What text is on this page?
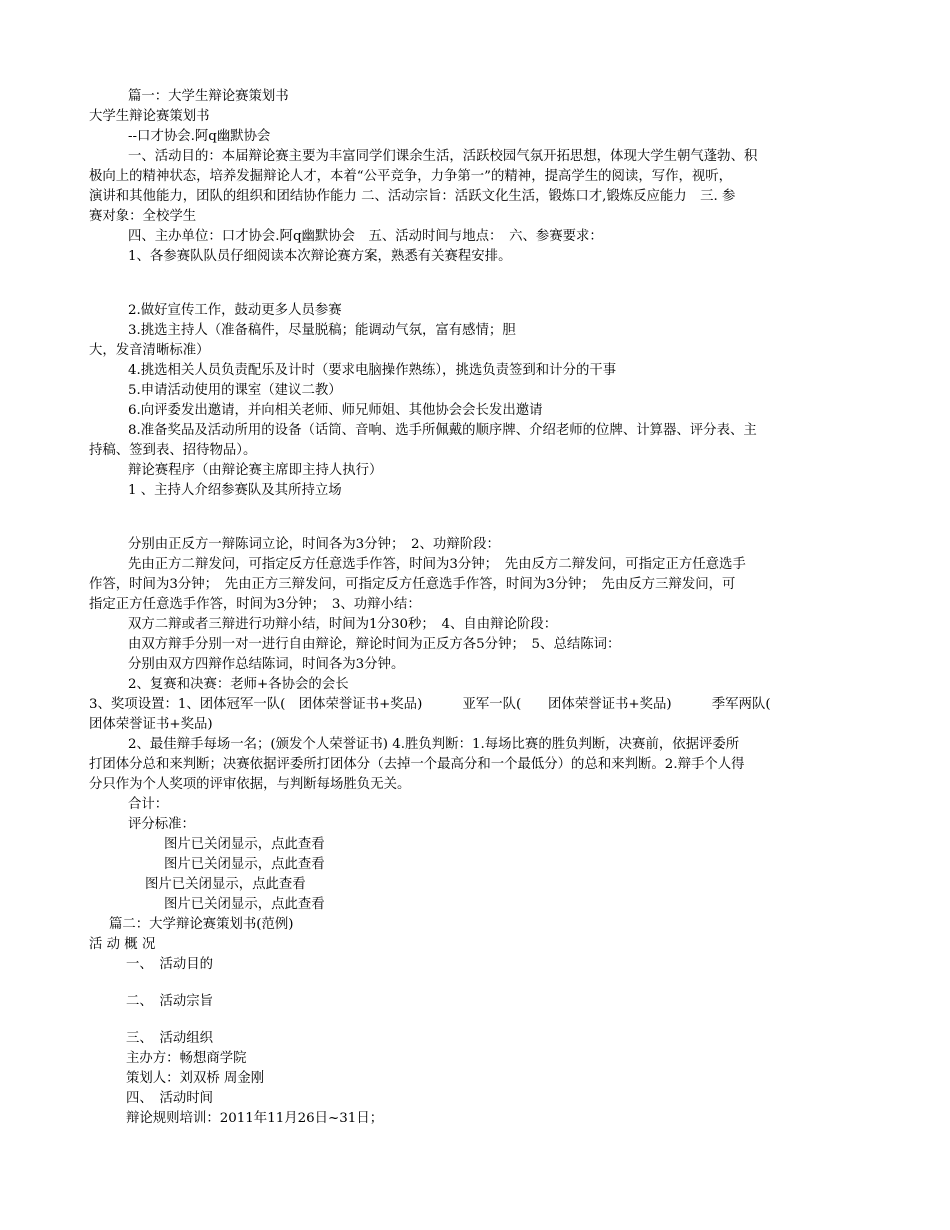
篇一：大学生辩论赛策划书
大学生辩论赛策划书
--口才协会.阿q幽默协会
一、活动目的：本届辩论赛主要为丰富同学们课余生活，活跃校园气氛开拓思想，体现大学生朝气蓬勃、积
极向上的精神状态，培养发掘辩论人才，本着“公平竞争，力争第一”的精神，提高学生的阅读，写作，视听，
演讲和其他能力，团队的组织和团结协作能力 二、活动宗旨：活跃文化生活，锻炼口才,锻炼反应能力　三. 参
赛对象：全校学生
四、主办单位：口才协会.阿q幽默协会　五、活动时间与地点：　六、参赛要求：
1、各参赛队队员仔细阅读本次辩论赛方案，熟悉有关赛程安排。
2.做好宣传工作，鼓动更多人员参赛
3.挑选主持人（准备稿件，尽量脱稿；能调动气氛，富有感情；胆
大，发音清晰标准）
4.挑选相关人员负责配乐及计时（要求电脑操作熟练），挑选负责签到和计分的干事
5.申请活动使用的课室（建议二教）
6.向评委发出邀请，并向相关老师、师兄师姐、其他协会会长发出邀请
8.准备奖品及活动所用的设备（话筒、音响、选手所佩戴的顺序牌、介绍老师的位牌、计算器、评分表、主
持稿、签到表、招待物品）。
辩论赛程序（由辩论赛主席即主持人执行）
1 、主持人介绍参赛队及其所持立场
分别由正反方一辩陈词立论，时间各为3分钟；　2、功辩阶段：
先由正方二辩发问，可指定反方任意选手作答，时间为3分钟；　先由反方二辩发问，可指定正方任意选手
作答，时间为3分钟；　先由正方三辩发问，可指定反方任意选手作答，时间为3分钟；　先由反方三辩发问，可
指定正方任意选手作答，时间为3分钟；　3、功辩小结：
双方二辩或者三辩进行功辩小结，时间为1分30秒；　4、自由辩论阶段：
由双方辩手分别一对一进行自由辩论，辩论时间为正反方各5分钟；　5、总结陈词：
分别由双方四辩作总结陈词，时间各为3分钟。
2、复赛和决赛：老师+各协会的会长
3、奖项设置：1、团体冠军一队(　团体荣誉证书+奖品)　　　亚军一队(　　团体荣誉证书+奖品)　　　季军两队(
团体荣誉证书+奖品)
2、最佳辩手每场一名；(颁发个人荣誉证书) 4.胜负判断：1.每场比赛的胜负判断，决赛前，依据评委所
打团体分总和来判断；决赛依据评委所打团体分（去掉一个最高分和一个最低分）的总和来判断。2.辩手个人得
分只作为个人奖项的评审依据，与判断每场胜负无关。
合计：
评分标准：
图片已关闭显示，点此查看
图片已关闭显示，点此查看
图片已关闭显示，点此查看
图片已关闭显示，点此查看
篇二：大学辩论赛策划书(范例)
活 动 概 况
一、　活动目的
二、　活动宗旨
三、　活动组织
主办方：畅想商学院
策划人：刘双桥 周金刚
四、　活动时间
辩论规则培训：2011年11月26日~31日；
